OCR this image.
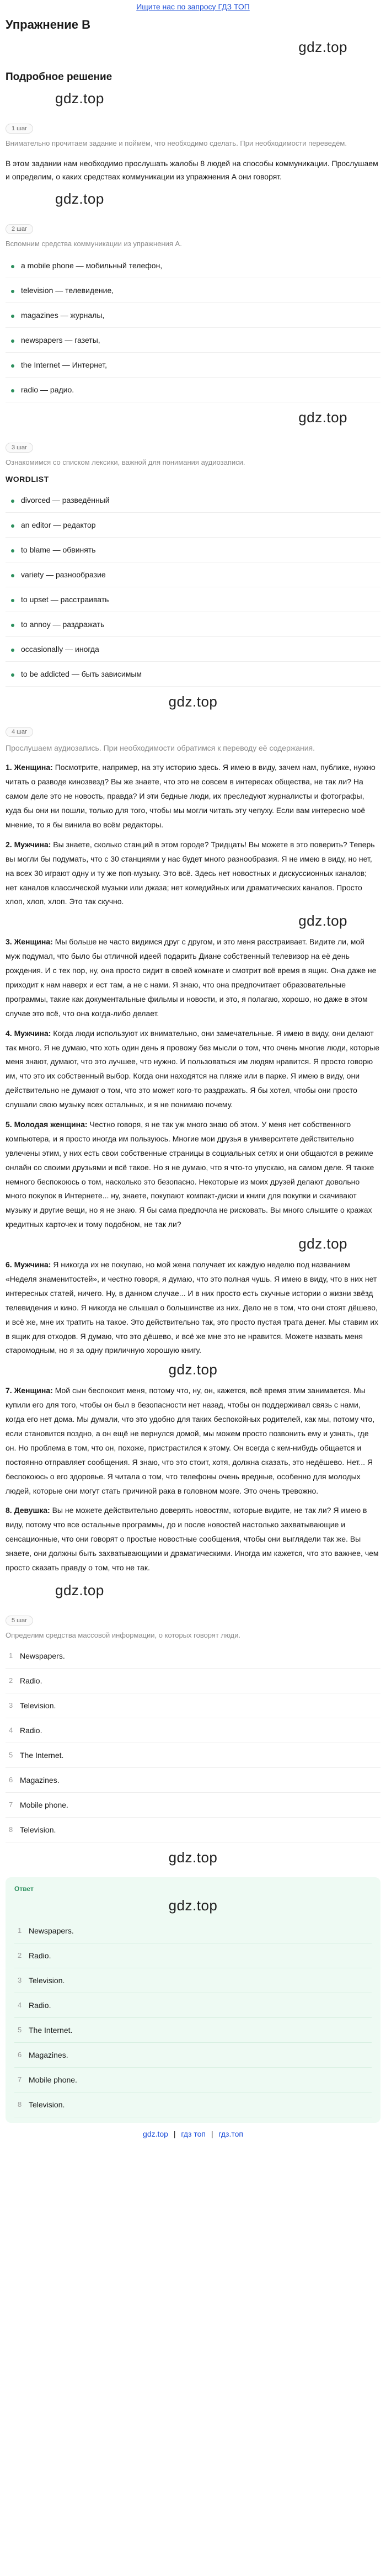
Ищите нас по запросу ГДЗ ТОП
Упражнение B
gdz.top
Подробное решение
gdz.top
1 шаг

Внимательно прочитаем задание и поймём, что необходимо сделать. При необходимости переведём.

В этом задании нам необходимо прослушать жалобы 8 людей на способы коммуникации. Прослушаем и определим, о каких средствах коммуникации из упражнения A они говорят.

gdz.top
2 шаг

Вспомним средства коммуникации из упражнения A.

a mobile phone — мобильный телефон,
television — телевидение,
magazines — журналы,
newspapers — газеты,
the Internet — Интернет,
radio — радио.
gdz.top
3 шаг

Ознакомимся со списком лексики, важной для понимания аудиозаписи.

WORDLIST

divorced — разведённый
an editor — редактор
to blame — обвинять
variety — разнообразие
to upset — расстраивать
to annoy — раздражать
occasionally — иногда
to be addicted — быть зависимым
gdz.top
4 шаг

Прослушаем аудиозапись. При необходимости обратимся к переводу её содержания.

1. Женщина: Посмотрите, например, на эту историю здесь. Я имею в виду, зачем нам, публике, нужно читать о разводе кинозвезд? Вы же знаете, что это не совсем в интересах общества, не так ли? На самом деле это не новость, правда? И эти бедные люди, их преследуют журналисты и фотографы, куда бы они ни пошли, только для того, чтобы мы могли читать эту чепуху. Если вам интересно моё мнение, то я бы винила во всём редакторы.

2. Мужчина: Вы знаете, сколько станций в этом городе? Тридцать! Вы можете в это поверить? Теперь вы могли бы подумать, что с 30 станциями у нас будет много разнообразия. Я не имею в виду, но нет, на всех 30 играют одну и ту же поп-музыку. Это всё. Здесь нет новостных и дискуссионных каналов; нет каналов классической музыки или джаза; нет комедийных или драматических каналов. Просто хлоп, хлоп, хлоп. Это так скучно.

gdz.top

3. Женщина: Мы больше не часто видимся друг с другом, и это меня расстраивает. Видите ли, мой муж подумал, что было бы отличной идеей подарить Диане собственный телевизор на её день рождения. И с тех пор, ну, она просто сидит в своей комнате и смотрит всё время в ящик. Она даже не приходит к нам наверх и ест там, а не с нами. Я знаю, что она предпочитает образовательные программы, такие как документальные фильмы и новости, и это, я полагаю, хорошо, но даже в этом случае это всё, что она когда-либо делает.

4. Мужчина: Когда люди используют их внимательно, они замечательные. Я имею в виду, они делают так много. Я не думаю, что хоть один день я провожу без мысли о том, что очень многие люди, которые меня знают, думают, что это лучшее, что нужно. И пользоваться им людям нравится. Я просто говорю им, что это их собственный выбор. Когда они находятся на пляже или в парке. Я имею в виду, они действительно не думают о том, что это может кого-то раздражать. Я бы хотел, чтобы они просто слушали свою музыку всех остальных, и я не понимаю почему.

5. Молодая женщина: Честно говоря, я не так уж много знаю об этом. У меня нет собственного компьютера, и я просто иногда им пользуюсь. Многие мои друзья в университете действительно увлечены этим, у них есть свои собственные страницы в социальных сетях и они общаются в режиме онлайн со своими друзьями и всё такое. Но я не думаю, что я что-то упускаю, на самом деле. Я также немного беспокоюсь о том, насколько это безопасно. Некоторые из моих друзей делают довольно много покупок в Интернете... ну, знаете, покупают компакт-диски и книги для покупки и скачивают музыку и другие вещи, но я не знаю. Я бы сама предпочла не рисковать. Вы много слышите о кражах кредитных карточек и тому подобном, не так ли?

gdz.top

6. Мужчина: Я никогда их не покупаю, но мой жена получает их каждую неделю под названием «Неделя знаменитостей», и честно говоря, я думаю, что это полная чушь. Я имею в виду, что в них нет интересных статей, ничего. Ну, в данном случае... И в них просто есть скучные истории о жизни звёзд телевидения и кино. Я никогда не слышал о большинстве из них. Дело не в том, что они стоят дёшево, и всё же, мне их тратить на такое. Это действительно так, это просто пустая трата денег. Мы ставим их в ящик для отходов. Я думаю, что это дёшево, и всё же мне это не нравится. Можете назвать меня старомодным, но я за одну приличную хорошую книгу.

gdz.top

7. Женщина: Мой сын беспокоит меня, потому что, ну, он, кажется, всё время этим занимается. Мы купили его для того, чтобы он был в безопасности нет назад, чтобы он поддерживал связь с нами, когда его нет дома. Мы думали, что это удобно для таких беспокойных родителей, как мы, потому что, если становится поздно, а он ещё не вернулся домой, мы можем просто позвонить ему и узнать, где он. Но проблема в том, что он, похоже, пристрастился к этому. Он всегда с кем-нибудь общается и постоянно отправляет сообщения. Я знаю, что это стоит, хотя, должна сказать, это недёшево. Нет... Я беспокоюсь о его здоровье. Я читала о том, что телефоны очень вредные, особенно для молодых людей, которые они могут стать причиной рака в головном мозге. Это очень тревожно.

8. Девушка: Вы не можете действительно доверять новостям, которые видите, не так ли? Я имею в виду, потому что все остальные программы, до и после новостей настолько захватывающие и сенсационные, что они говорят о простые новостные сообщения, чтобы они выглядели так же. Вы знаете, они должны быть захватывающими и драматическими. Иногда им кажется, что это важнее, чем просто сказать правду о том, что не так.

gdz.top
5 шаг

Определим средства массовой информации, о которых говорят люди.

1 Newspapers.
2 Radio.
3 Television.
4 Radio.
5 The Internet.
6 Magazines.
7 Mobile phone.
8 Television.
gdz.top
Ответ
gdz.top
1 Newspapers.
2 Radio.
3 Television.
4 Radio.
5 The Internet.
6 Magazines.
7 Mobile phone.
8 Television.
gdz.top | гдз топ | гдз.топ
